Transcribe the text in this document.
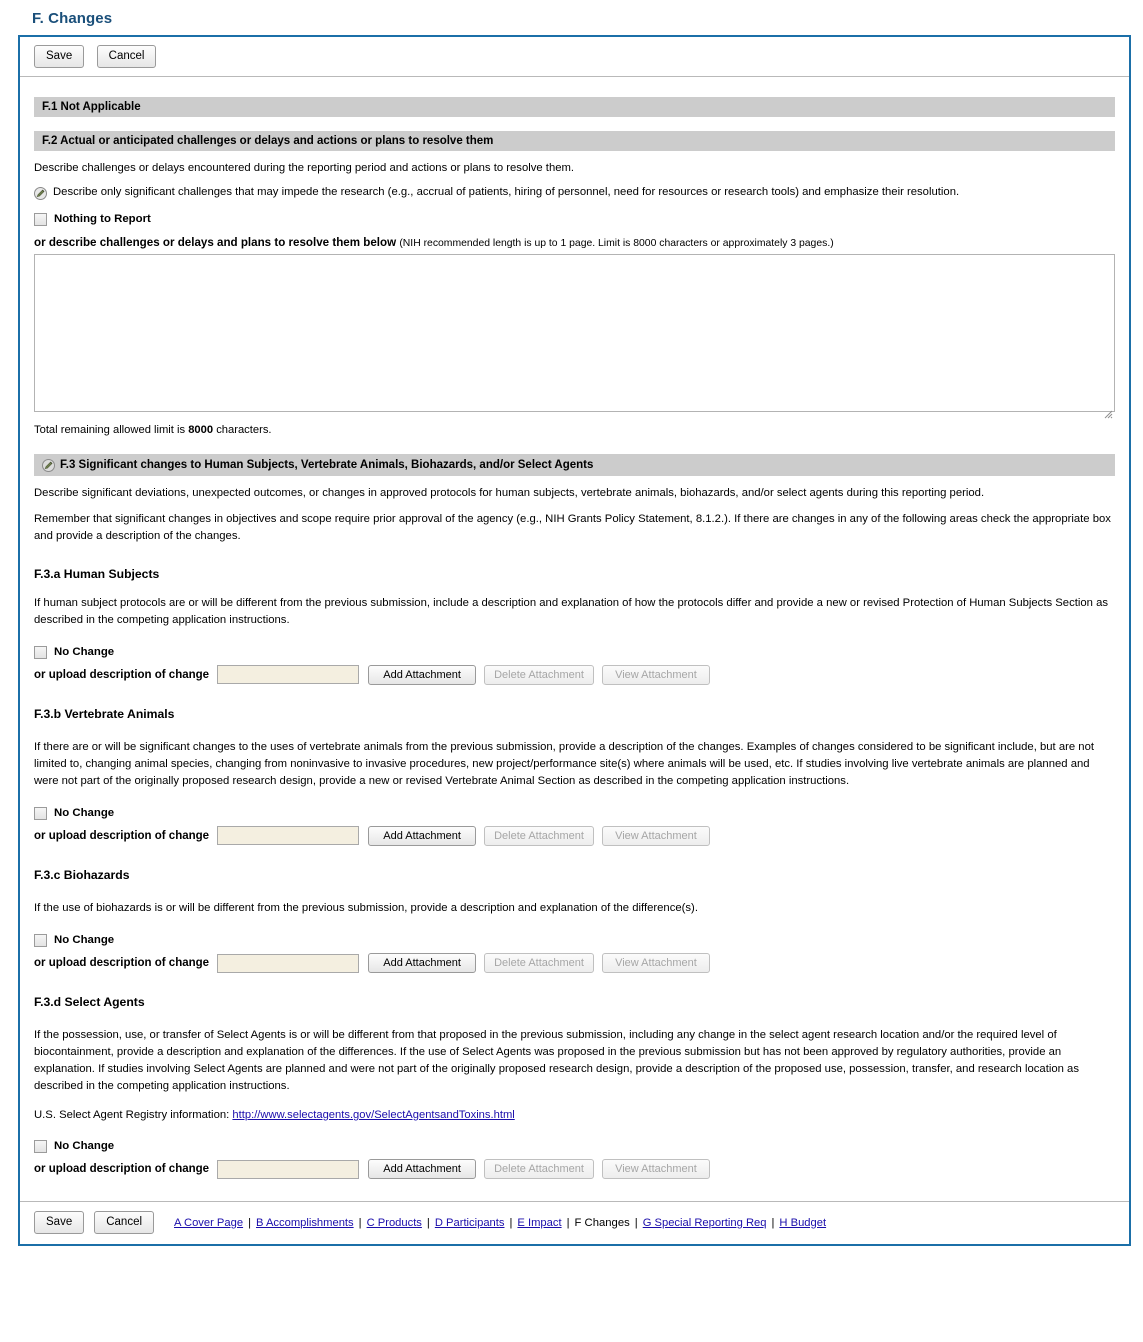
F. Changes
Save	Cancel
F.1 Not Applicable
F.2 Actual or anticipated challenges or delays and actions or plans to resolve them
Describe challenges or delays encountered during the reporting period and actions or plans to resolve them.
Describe only significant challenges that may impede the research (e.g., accrual of patients, hiring of personnel, need for resources or research tools) and emphasize their resolution.
Nothing to Report
or describe challenges or delays and plans to resolve them below (NIH recommended length is up to 1 page. Limit is 8000 characters or approximately 3 pages.)
Total remaining allowed limit is 8000 characters.
F.3 Significant changes to Human Subjects, Vertebrate Animals, Biohazards, and/or Select Agents
Describe significant deviations, unexpected outcomes, or changes in approved protocols for human subjects, vertebrate animals, biohazards, and/or select agents during this reporting period.
Remember that significant changes in objectives and scope require prior approval of the agency (e.g., NIH Grants Policy Statement, 8.1.2.). If there are changes in any of the following areas check the appropriate box and provide a description of the changes.
F.3.a Human Subjects
If human subject protocols are or will be different from the previous submission, include a description and explanation of how the protocols differ and provide a new or revised Protection of Human Subjects Section as described in the competing application instructions.
No Change
or upload description of change	Add Attachment	Delete Attachment	View Attachment
F.3.b Vertebrate Animals
If there are or will be significant changes to the uses of vertebrate animals from the previous submission, provide a description of the changes. Examples of changes considered to be significant include, but are not limited to, changing animal species, changing from noninvasive to invasive procedures, new project/performance site(s) where animals will be used, etc. If studies involving live vertebrate animals are planned and were not part of the originally proposed research design, provide a new or revised Vertebrate Animal Section as described in the competing application instructions.
No Change
or upload description of change	Add Attachment	Delete Attachment	View Attachment
F.3.c Biohazards
If the use of biohazards is or will be different from the previous submission, provide a description and explanation of the difference(s).
No Change
or upload description of change	Add Attachment	Delete Attachment	View Attachment
F.3.d Select Agents
If the possession, use, or transfer of Select Agents is or will be different from that proposed in the previous submission, including any change in the select agent research location and/or the required level of biocontainment, provide a description and explanation of the differences. If the use of Select Agents was proposed in the previous submission but has not been approved by regulatory authorities, provide an explanation. If studies involving Select Agents are planned and were not part of the originally proposed research design, provide a description of the proposed use, possession, transfer, and research location as described in the competing application instructions.
U.S. Select Agent Registry information: http://www.selectagents.gov/SelectAgentsandToxins.html
No Change
or upload description of change	Add Attachment	Delete Attachment	View Attachment
Save	Cancel	A Cover Page | B Accomplishments | C Products | D Participants | E Impact | F Changes | G Special Reporting Req | H Budget
